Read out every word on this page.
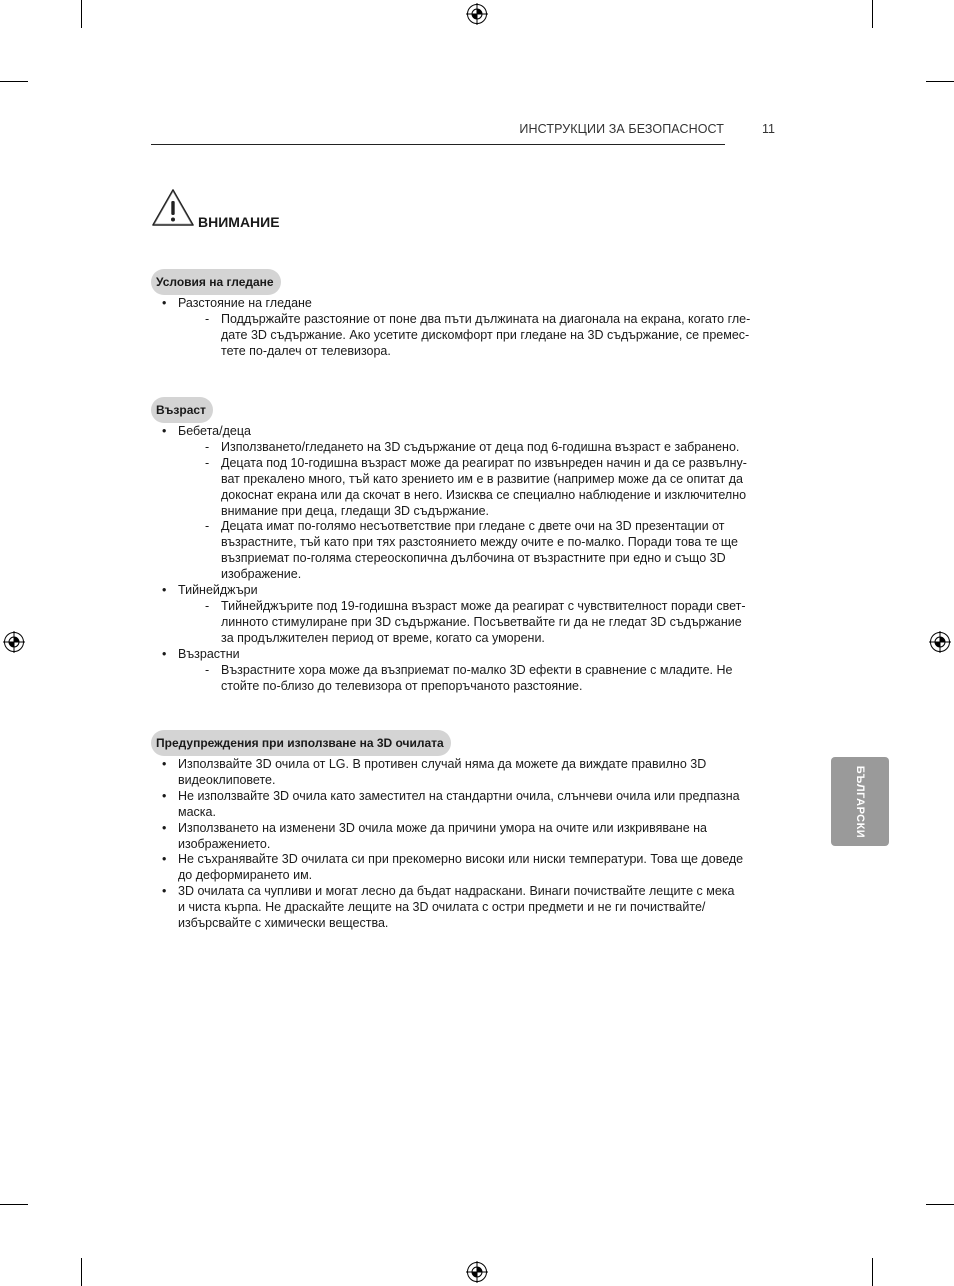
ИНСТРУКЦИИ ЗА БЕЗОПАСНОСТ	11
ВНИМАНИЕ
Условия на гледане
• Разстояние на гледане
- Поддържайте разстояние от поне два пъти дължината на диагонала на екрана, когато гле-
дате 3D съдържание. Ако усетите дискомфорт при гледане на 3D съдържание, се премес-
тете по-далеч от телевизора.
Възраст
• Бебета/деца
- Използването/гледането на 3D съдържание от деца под 6-годишна възраст е забранено.
- Децата под 10-годишна възраст може да реагират по извънреден начин и да се развълну-
ват прекалено много, тъй като зрението им е в развитие (например може да се опитат да
докоснат екрана или да скочат в него. Изисква се специално наблюдение и изключително
внимание при деца, гледащи 3D съдържание.
- Децата имат по-голямо несъответствие при гледане с двете очи на 3D презентации от
възрастните, тъй като при тях разстоянието между очите е по-малко. Поради това те ще
възприемат по-голяма стереоскопична дълбочина от възрастните при едно и също 3D
изображение.
• Тийнейджъри
- Тийнейджърите под 19-годишна възраст може да реагират с чувствителност поради свет-
линното стимулиране при 3D съдържание. Посъветвайте ги да не гледат 3D съдържание
за продължителен период от време, когато са уморени.
• Възрастни
- Възрастните хора може да възприемат по-малко 3D ефекти в сравнение с младите. Не
стойте по-близо до телевизора от препоръчаното разстояние.
Предупреждения при използване на 3D очилата
• Използвайте 3D очила от LG. В противен случай няма да можете да виждате правилно 3D
видеоклиповете.
• Не използвайте 3D очила като заместител на стандартни очила, слънчеви очила или предпазна
маска.
• Използването на изменени 3D очила може да причини умора на очите или изкривяване на
изображението.
• Не съхранявайте 3D очилата си при прекомерно високи или ниски температури. Това ще доведе
до деформирането им.
• 3D очилата са чупливи и могат лесно да бъдат надраскани. Винаги почиствайте лещите с мека
и чиста кърпа. Не драскайте лещите на 3D очилата с остри предмети и не ги почиствайте/
избърсвайте с химически вещества.
БЪЛГАРСКИ
